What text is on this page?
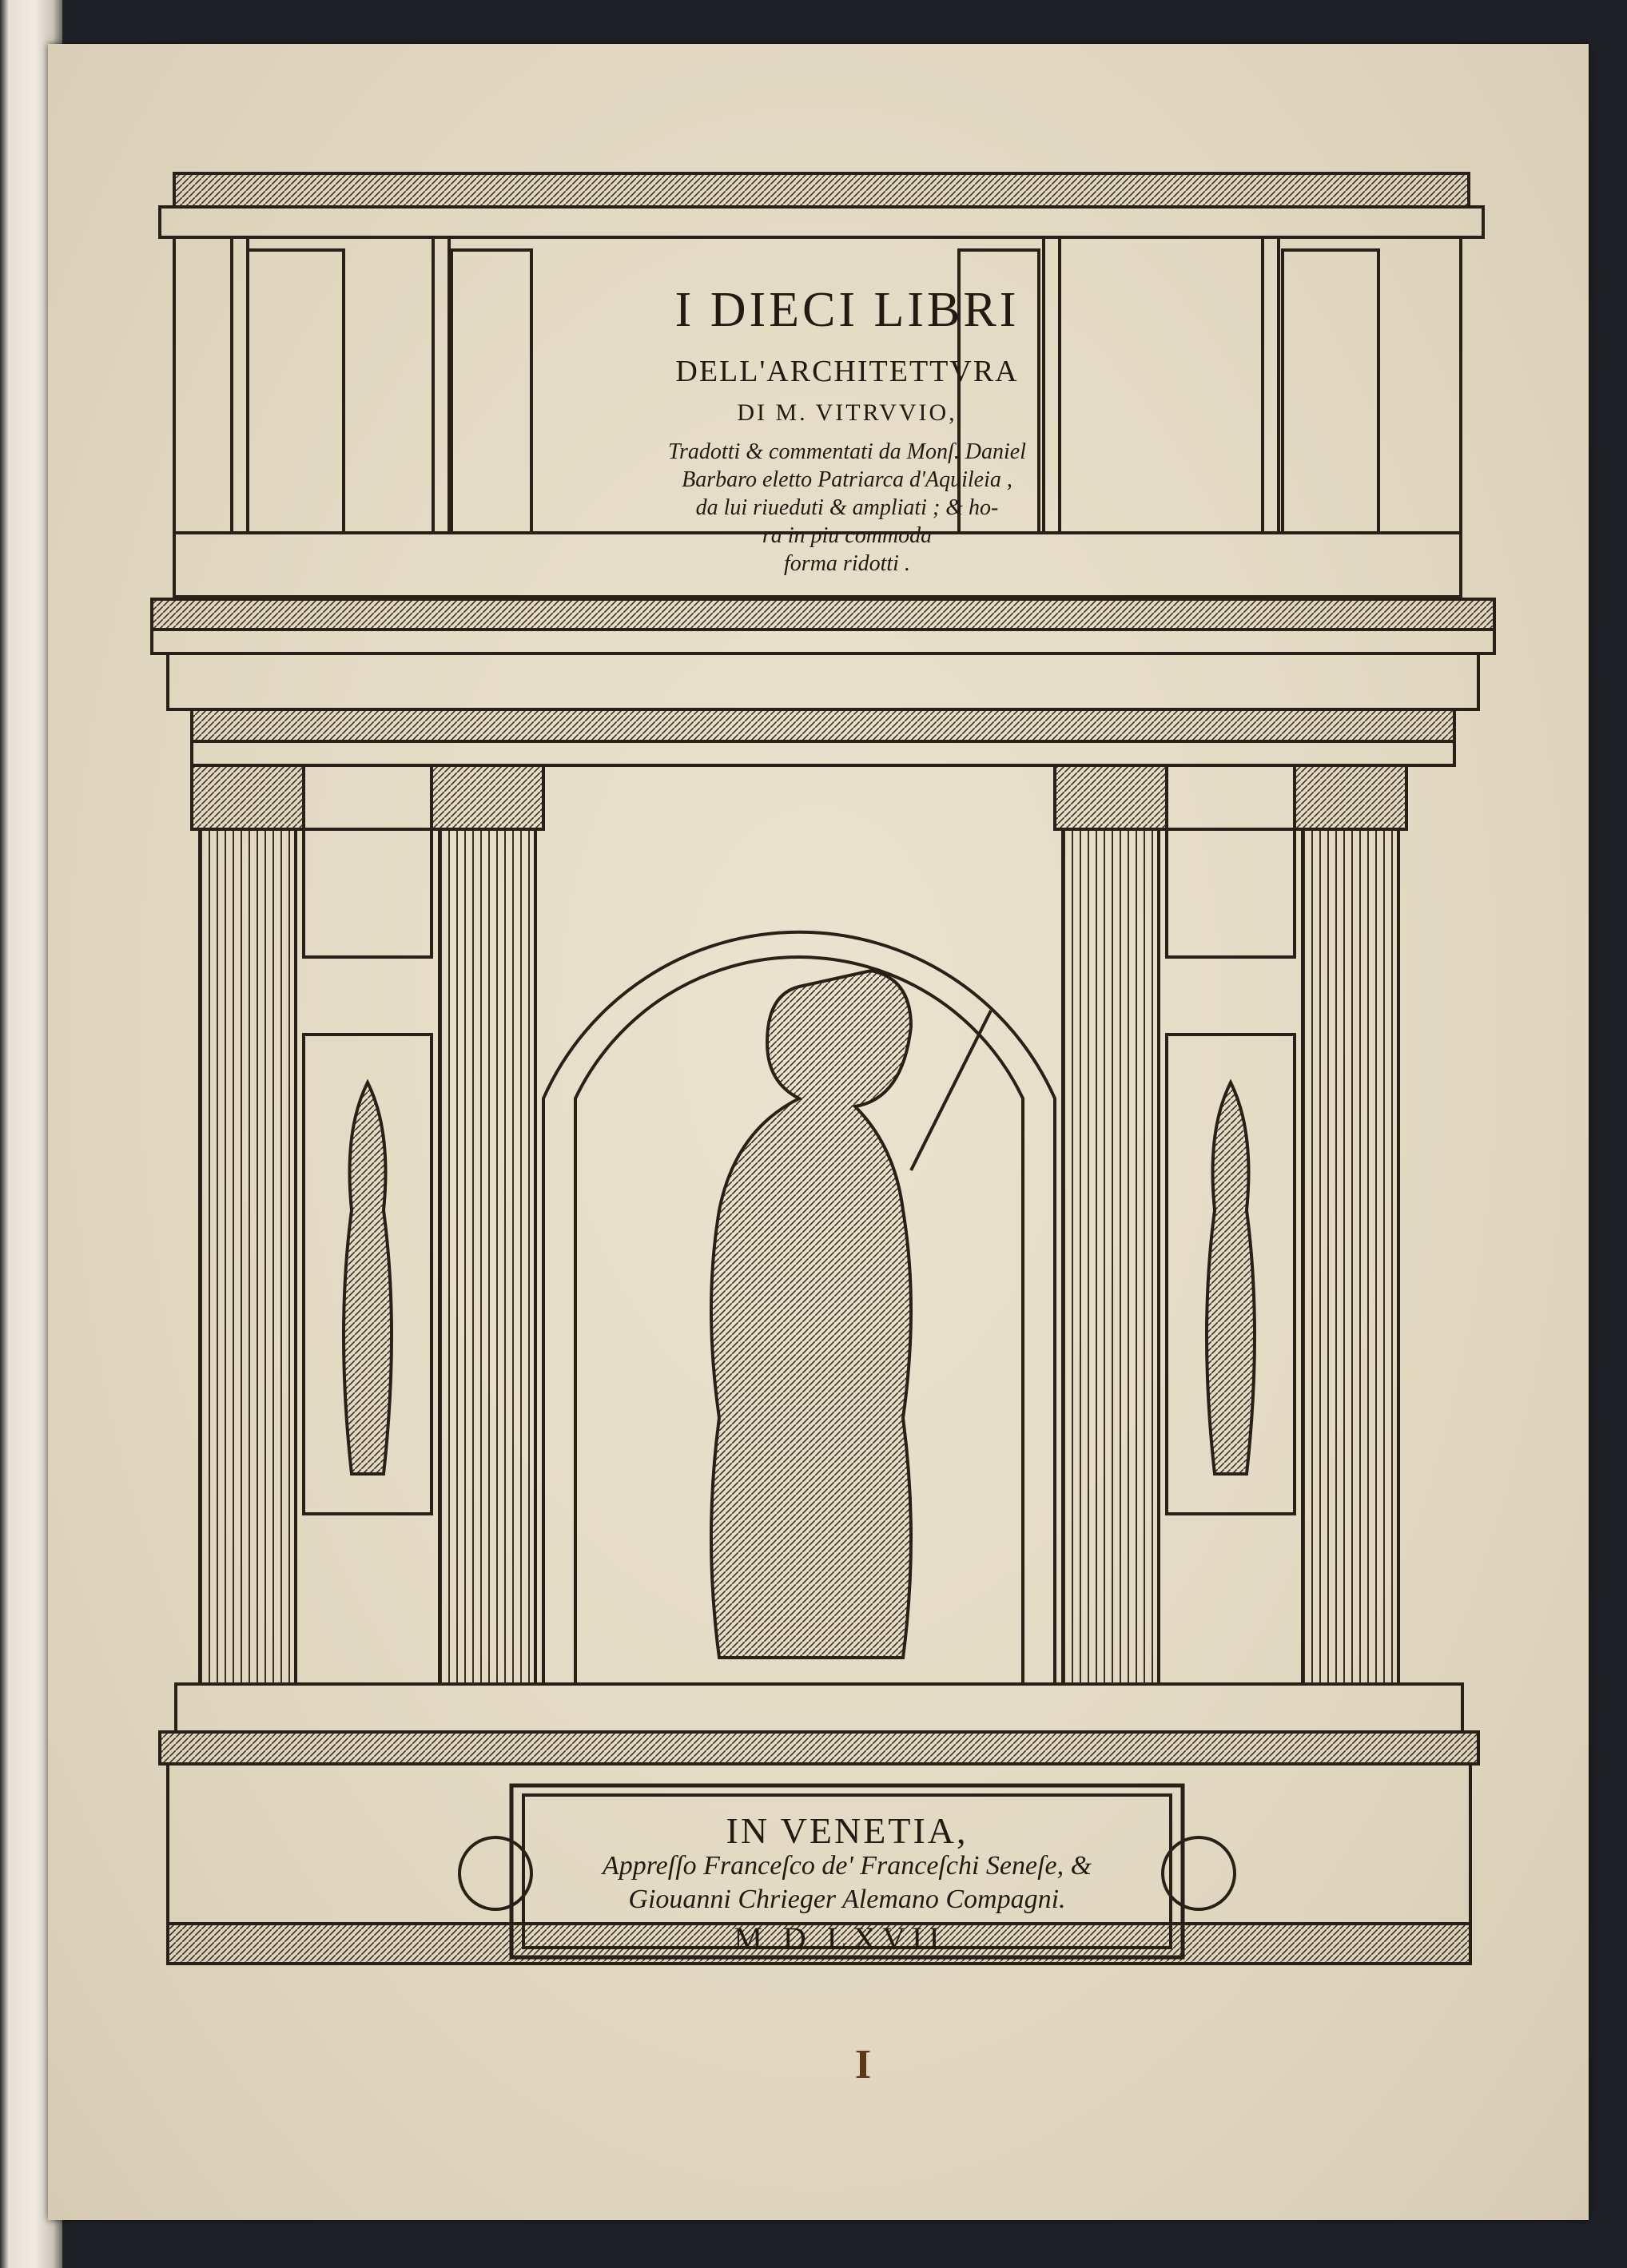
I DIECI LIBRI
DELL'ARCHITETTVRA
DI M. VITRVVIO,
Tradotti & commentati da Monſ. Daniel
Barbaro eletto Patriarca d'Aquileia ,
da lui riueduti & ampliati ; & ho-
ra in piu commoda
forma ridotti .
IN VENETIA,
Appreſſo Franceſco de' Franceſchi Seneſe, &
Giouanni Chrieger Alemano Compagni.
M D LXVII.
I
